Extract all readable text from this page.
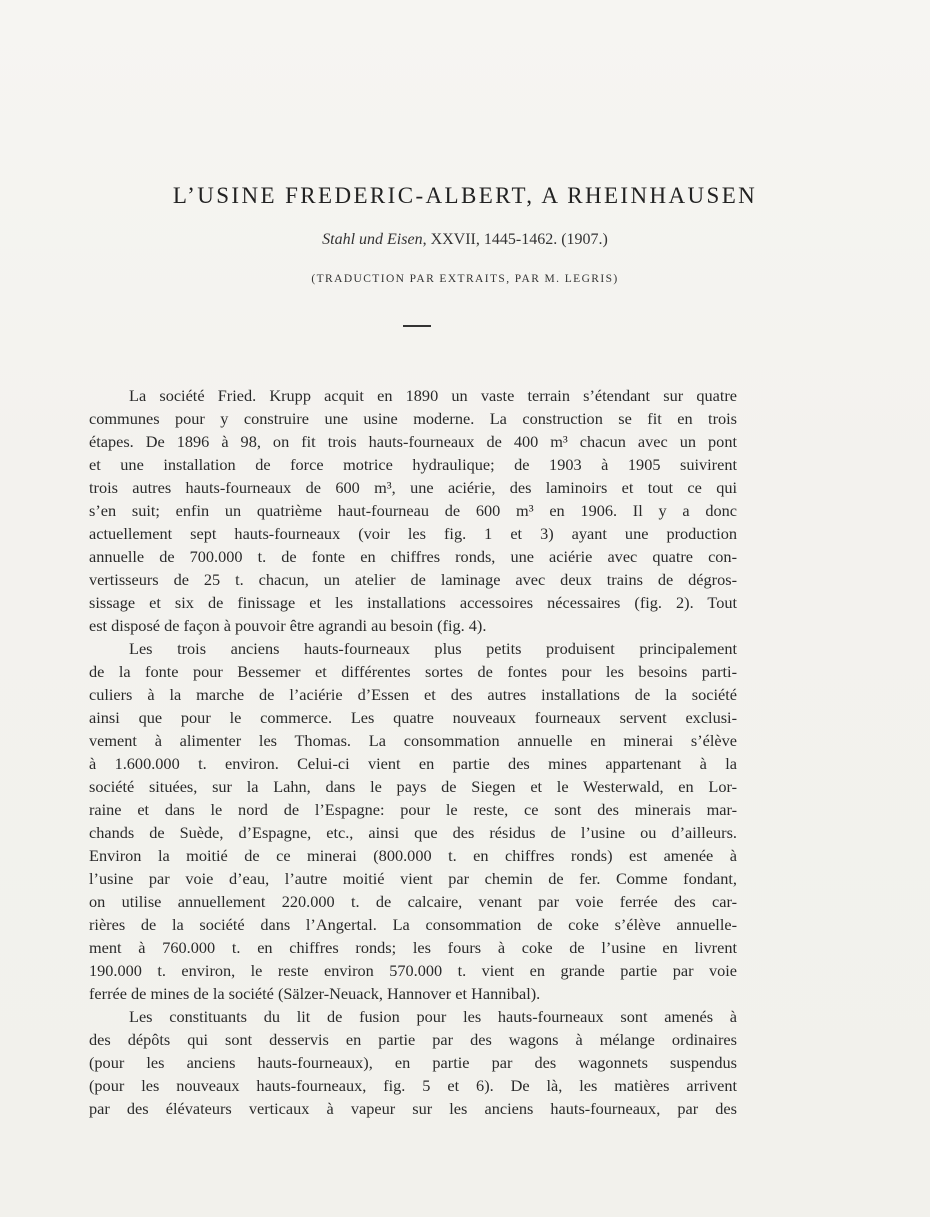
L’USINE FREDERIC-ALBERT, A RHEINHAUSEN
Stahl und Eisen, XXVII, 1445-1462. (1907.)
(TRADUCTION PAR EXTRAITS, PAR M. LEGRIS)
La société Fried. Krupp acquit en 1890 un vaste terrain s’étendant sur quatre
communes pour y construire une usine moderne. La construction se fit en trois
étapes. De 1896 à 98, on fit trois hauts-fourneaux de 400 m³ chacun avec un pont
et une installation de force motrice hydraulique; de 1903 à 1905 suivirent
trois autres hauts-fourneaux de 600 m³, une aciérie, des laminoirs et tout ce qui
s’en suit; enfin un quatrième haut-fourneau de 600 m³ en 1906. Il y a donc
actuellement sept hauts-fourneaux (voir les fig. 1 et 3) ayant une production
annuelle de 700.000 t. de fonte en chiffres ronds, une aciérie avec quatre con-
vertisseurs de 25 t. chacun, un atelier de laminage avec deux trains de dégros-
sissage et six de finissage et les installations accessoires nécessaires (fig. 2). Tout
est disposé de façon à pouvoir être agrandi au besoin (fig. 4).
Les trois anciens hauts-fourneaux plus petits produisent principalement
de la fonte pour Bessemer et différentes sortes de fontes pour les besoins parti-
culiers à la marche de l’aciérie d’Essen et des autres installations de la société
ainsi que pour le commerce. Les quatre nouveaux fourneaux servent exclusi-
vement à alimenter les Thomas. La consommation annuelle en minerai s’élève
à 1.600.000 t. environ. Celui-ci vient en partie des mines appartenant à la
société situées, sur la Lahn, dans le pays de Siegen et le Westerwald, en Lor-
raine et dans le nord de l’Espagne: pour le reste, ce sont des minerais mar-
chands de Suède, d’Espagne, etc., ainsi que des résidus de l’usine ou d’ailleurs.
Environ la moitié de ce minerai (800.000 t. en chiffres ronds) est amenée à
l’usine par voie d’eau, l’autre moitié vient par chemin de fer. Comme fondant,
on utilise annuellement 220.000 t. de calcaire, venant par voie ferrée des car-
rières de la société dans l’Angertal. La consommation de coke s’élève annuelle-
ment à 760.000 t. en chiffres ronds; les fours à coke de l’usine en livrent
190.000 t. environ, le reste environ 570.000 t. vient en grande partie par voie
ferrée de mines de la société (Sälzer-Neuack, Hannover et Hannibal).
Les constituants du lit de fusion pour les hauts-fourneaux sont amenés à
des dépôts qui sont desservis en partie par des wagons à mélange ordinaires
(pour les anciens hauts-fourneaux), en partie par des wagonnets suspendus
(pour les nouveaux hauts-fourneaux, fig. 5 et 6). De là, les matières arrivent
par des élévateurs verticaux à vapeur sur les anciens hauts-fourneaux, par des
